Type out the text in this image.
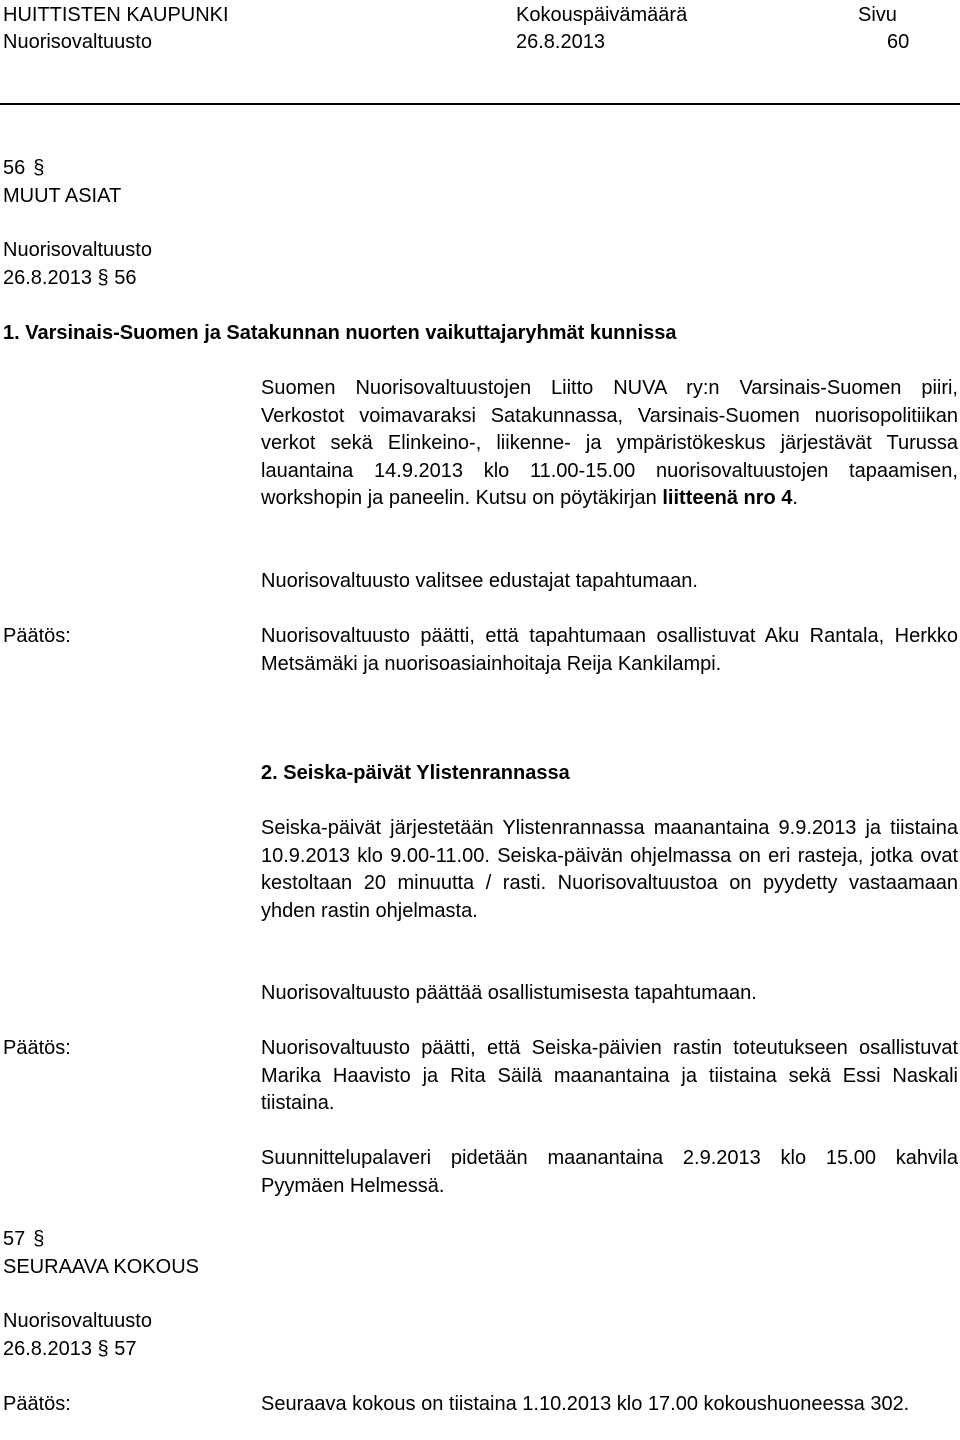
HUITTISTEN KAUPUNKI
Nuorisovaltuusto
Kokouspäivämäärä
26.8.2013
Sivu
60
56 §
MUUT ASIAT
Nuorisovaltuusto
26.8.2013 § 56
1. Varsinais-Suomen ja Satakunnan nuorten vaikuttajaryhmät kunnissa
Suomen Nuorisovaltuustojen Liitto NUVA ry:n Varsinais-Suomen piiri, Verkostot voimavaraksi Satakunnassa, Varsinais-Suomen nuorisopolitiikan verkot sekä Elinkeino-, liikenne- ja ympäristökeskus järjestävät Turussa lauantaina 14.9.2013 klo 11.00-15.00 nuorisovaltuustojen tapaamisen, workshopin ja paneelin. Kutsu on pöytäkirjan liitteenä nro 4.
Nuorisovaltuusto valitsee edustajat tapahtumaan.
Päätös:	Nuorisovaltuusto päätti, että tapahtumaan osallistuvat Aku Rantala, Herkko Metsämäki ja nuorisoasiainhoitaja Reija Kankilampi.
2. Seiska-päivät Ylistenrannassa
Seiska-päivät järjestetään Ylistenrannassa maanantaina 9.9.2013 ja tiistaina 10.9.2013 klo 9.00-11.00. Seiska-päivän ohjelmassa on eri rasteja, jotka ovat kestoltaan 20 minuutta / rasti. Nuorisovaltuustoa on pyydetty vastaamaan yhden rastin ohjelmasta.
Nuorisovaltuusto päättää osallistumisesta tapahtumaan.
Päätös:	Nuorisovaltuusto päätti, että Seiska-päivien rastin toteutukseen osallistuvat Marika Haavisto ja Rita Säilä maanantaina ja tiistaina sekä Essi Naskali tiistaina.
Suunnittelupalaveri pidetään maanantaina 2.9.2013 klo 15.00 kahvila Pyymäen Helmessä.
57 §
SEURAAVA KOKOUS
Nuorisovaltuusto
26.8.2013 § 57
Päätös:	Seuraava kokous on tiistaina 1.10.2013 klo 17.00 kokoushuoneessa 302.
